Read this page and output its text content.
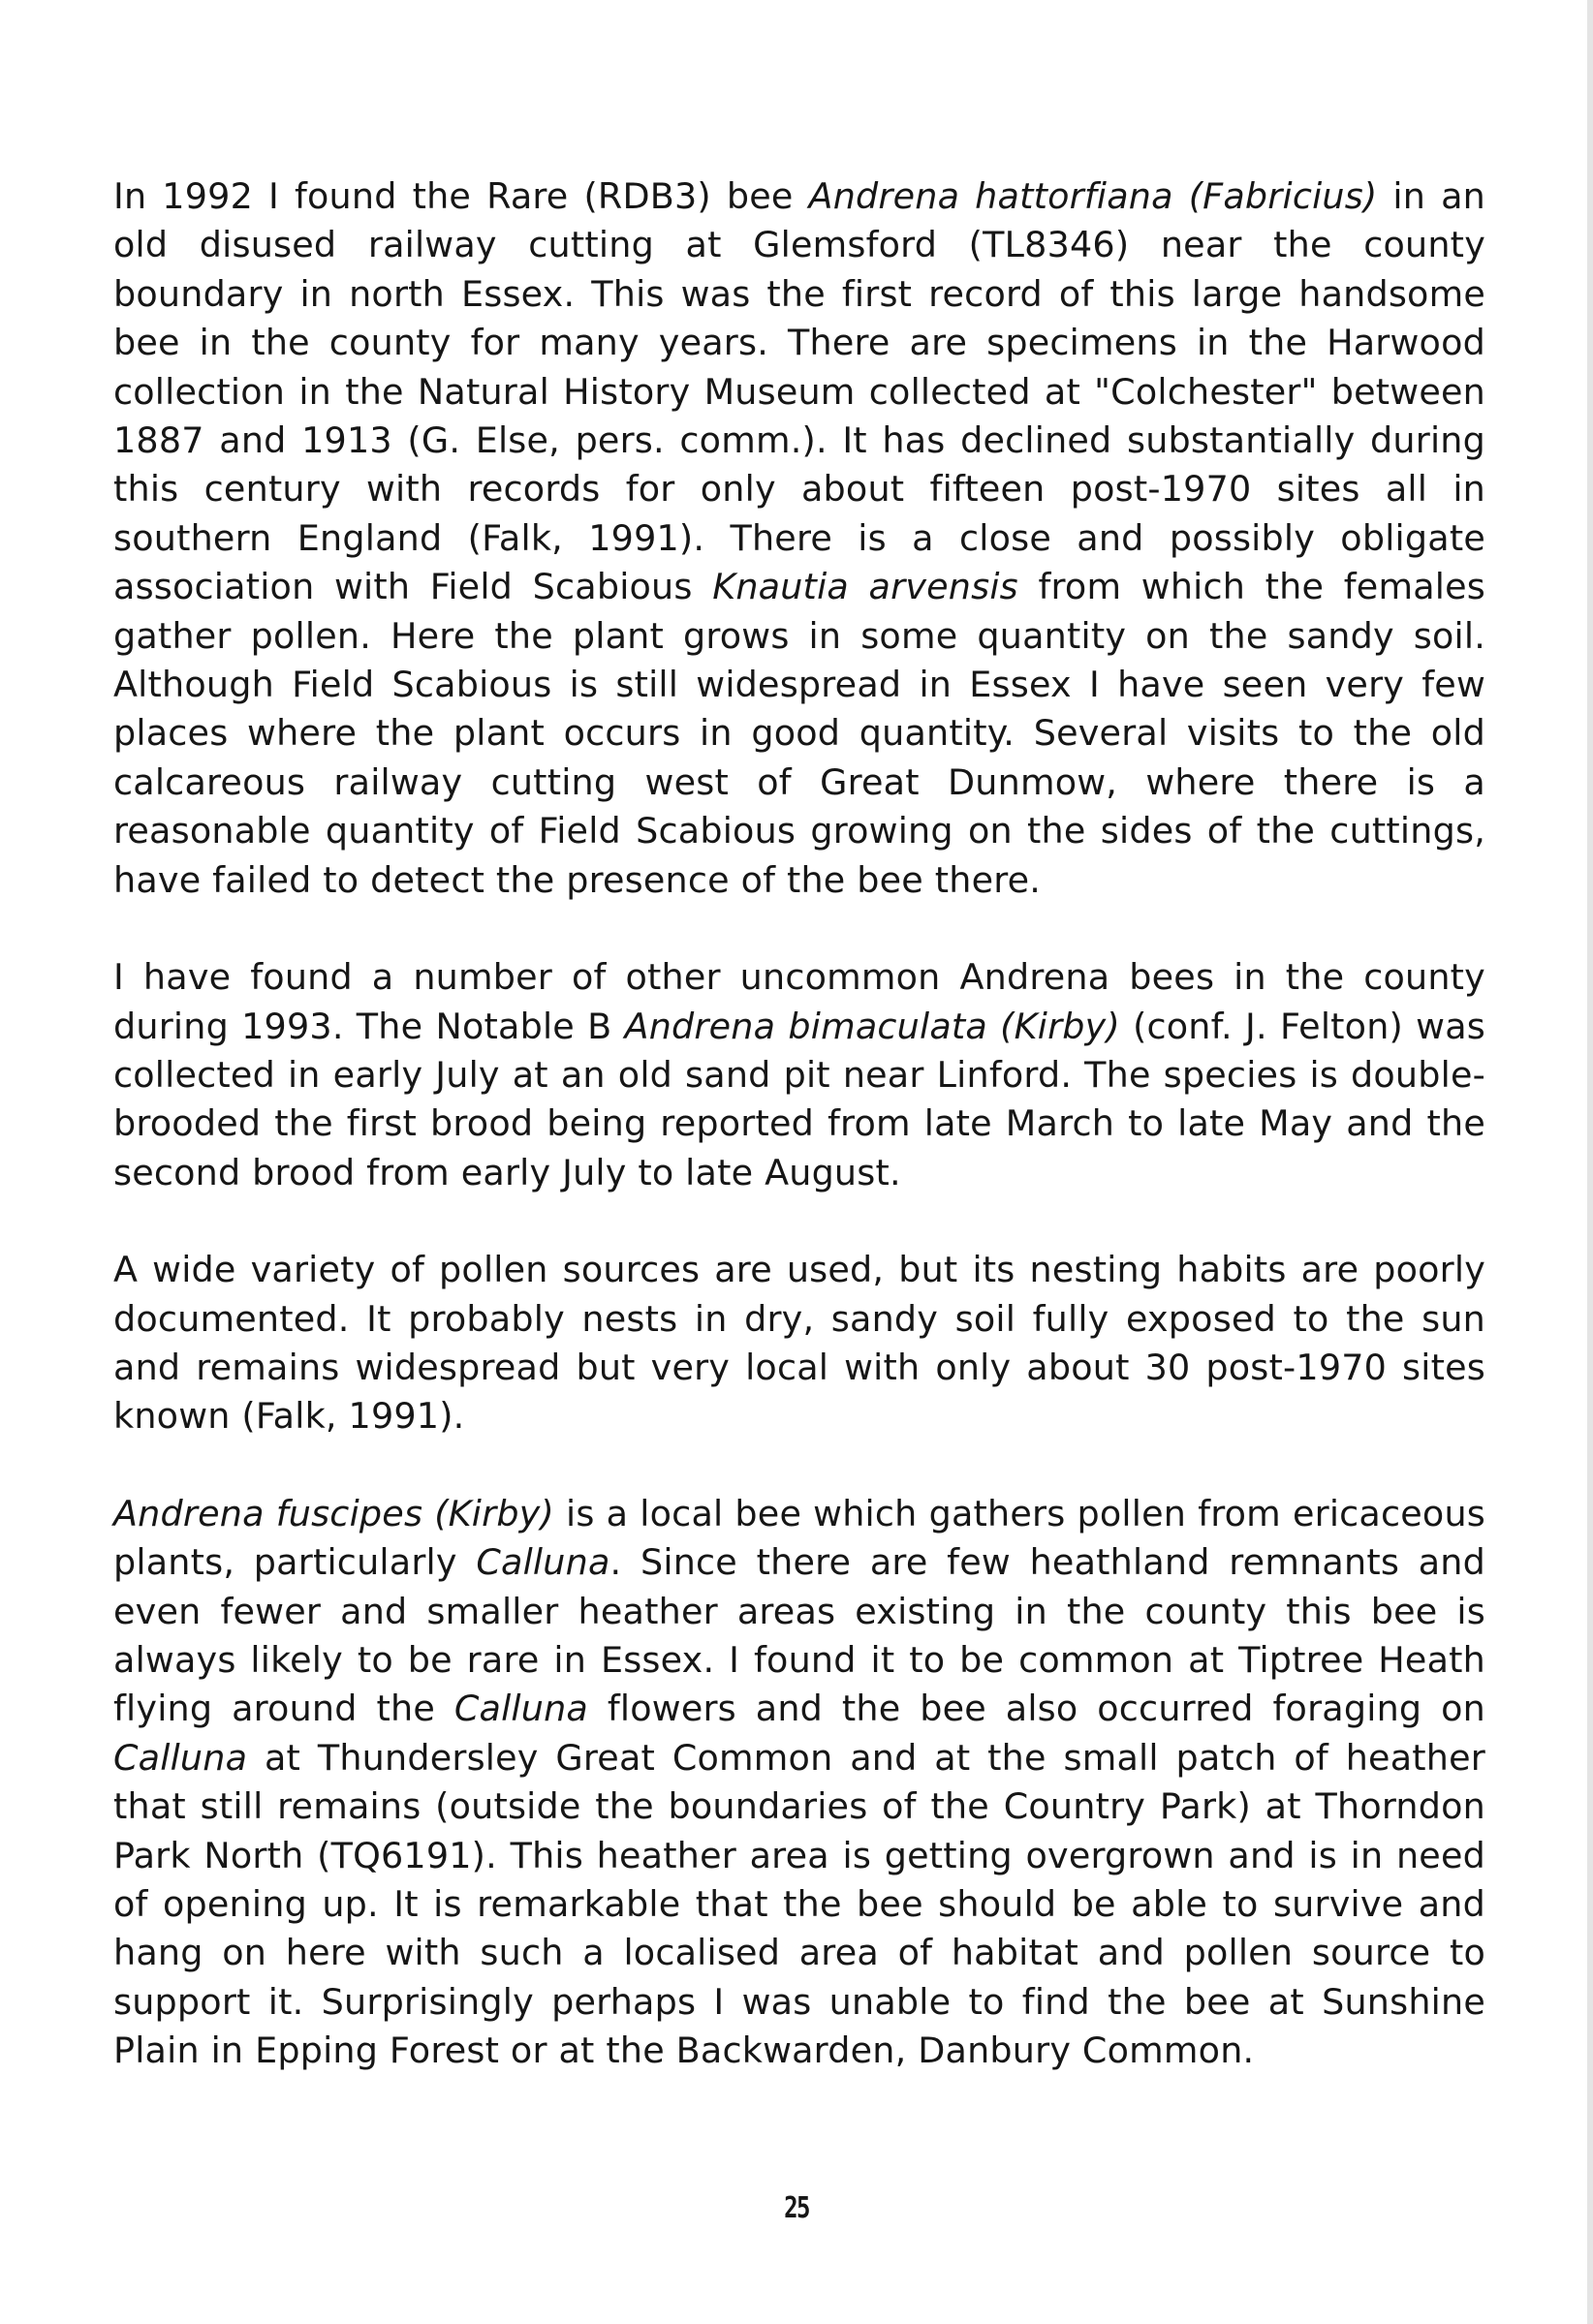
In 1992 I found the Rare (RDB3) bee Andrena hattorfiana (Fabricius) in an old disused railway cutting at Glemsford (TL8346) near the county boundary in north Essex. This was the first record of this large handsome bee in the county for many years. There are specimens in the Harwood collection in the Natural History Museum collected at "Colchester" between 1887 and 1913 (G. Else, pers. comm.). It has declined substantially during this century with records for only about fifteen post-1970 sites all in southern England (Falk, 1991). There is a close and possibly obligate association with Field Scabious Knautia arvensis from which the females gather pollen. Here the plant grows in some quantity on the sandy soil. Although Field Scabious is still widespread in Essex I have seen very few places where the plant occurs in good quantity. Several visits to the old calcareous railway cutting west of Great Dunmow, where there is a reasonable quantity of Field Scabious growing on the sides of the cuttings, have failed to detect the presence of the bee there.

I have found a number of other uncommon Andrena bees in the county during 1993. The Notable B Andrena bimaculata (Kirby) (conf. J. Felton) was collected in early July at an old sand pit near Linford. The species is double-brooded the first brood being reported from late March to late May and the second brood from early July to late August.

A wide variety of pollen sources are used, but its nesting habits are poorly documented. It probably nests in dry, sandy soil fully exposed to the sun and remains widespread but very local with only about 30 post-1970 sites known (Falk, 1991).

Andrena fuscipes (Kirby) is a local bee which gathers pollen from ericaceous plants, particularly Calluna. Since there are few heathland remnants and even fewer and smaller heather areas existing in the county this bee is always likely to be rare in Essex. I found it to be common at Tiptree Heath flying around the Calluna flowers and the bee also occurred foraging on Calluna at Thundersley Great Common and at the small patch of heather that still remains (outside the boundaries of the Country Park) at Thorndon Park North (TQ6191). This heather area is getting overgrown and is in need of opening up. It is remarkable that the bee should be able to survive and hang on here with such a localised area of habitat and pollen source to support it. Surprisingly perhaps I was unable to find the bee at Sunshine Plain in Epping Forest or at the Backwarden, Danbury Common.

25
